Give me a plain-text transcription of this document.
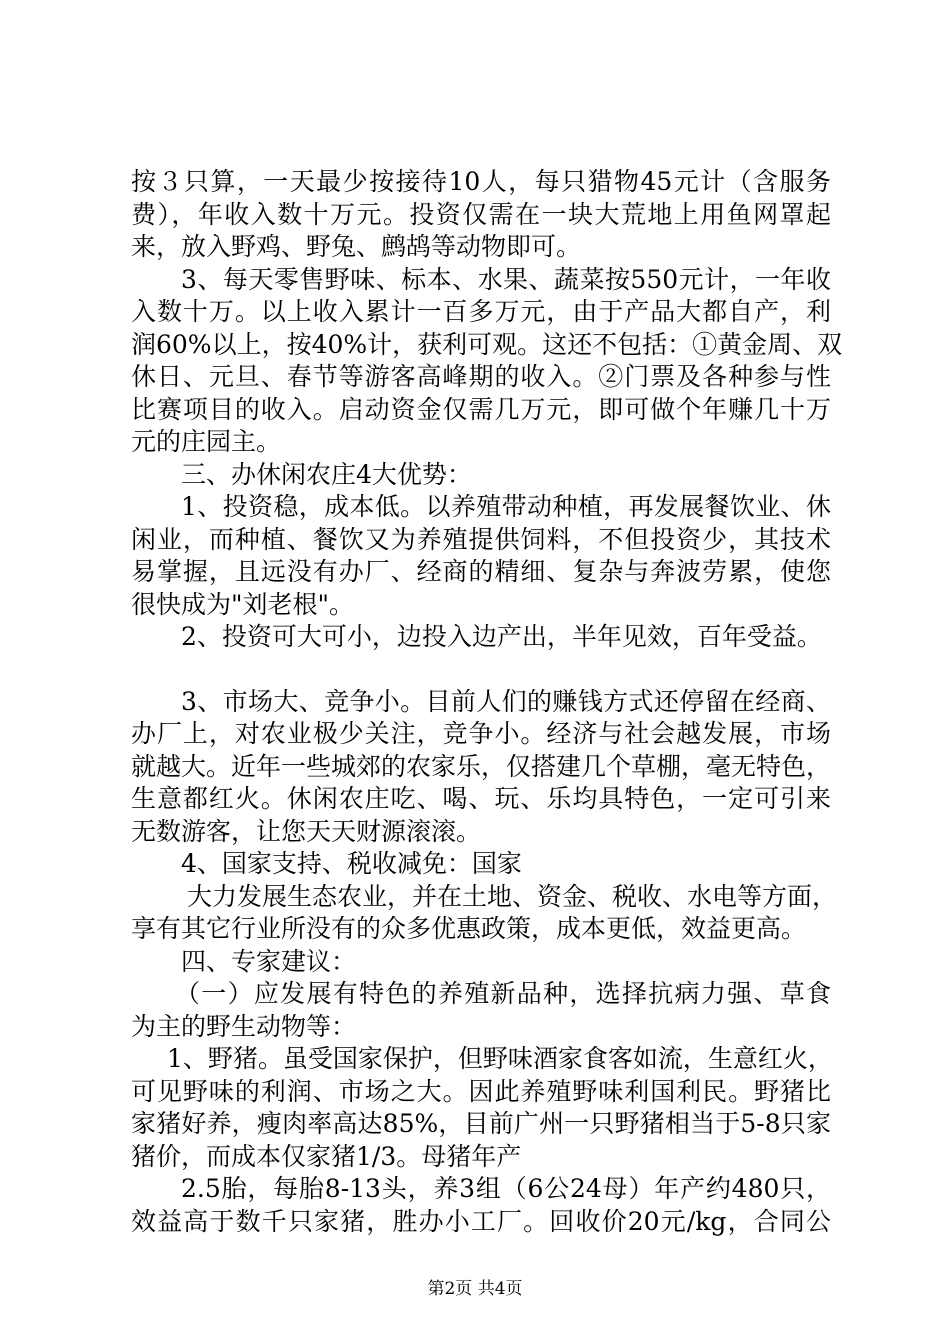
按３只算，一天最少按接待10人，每只猎物45元计（含服务
费），年收入数十万元。投资仅需在一块大荒地上用鱼网罩起
来，放入野鸡、野兔、鹧鸪等动物即可。
3、每天零售野味、标本、水果、蔬菜按550元计，一年收
入数十万。以上收入累计一百多万元，由于产品大都自产，利
润60%以上，按40%计，获利可观。这还不包括：①黄金周、双
休日、元旦、春节等游客高峰期的收入。②门票及各种参与性
比赛项目的收入。启动资金仅需几万元，即可做个年赚几十万
元的庄园主。
三、办休闲农庄4大优势：
1、投资稳，成本低。以养殖带动种植，再发展餐饮业、休
闲业，而种植、餐饮又为养殖提供饲料，不但投资少，其技术
易掌握，且远没有办厂、经商的精细、复杂与奔波劳累，使您
很快成为"刘老根"。
2、投资可大可小，边投入边产出，半年见效，百年受益。
3、市场大、竞争小。目前人们的赚钱方式还停留在经商、
办厂上，对农业极少关注，竞争小。经济与社会越发展，市场
就越大。近年一些城郊的农家乐，仅搭建几个草棚，毫无特色，
生意都红火。休闲农庄吃、喝、玩、乐均具特色，一定可引来
无数游客，让您天天财源滚滚。
4、国家支持、税收减免：国家
大力发展生态农业，并在土地、资金、税收、水电等方面，
享有其它行业所没有的众多优惠政策，成本更低，效益更高。
四、专家建议：
（一）应发展有特色的养殖新品种，选择抗病力强、草食
为主的野生动物等：
1、野猪。虽受国家保护，但野味酒家食客如流，生意红火，
可见野味的利润、市场之大。因此养殖野味利国利民。野猪比
家猪好养，瘦肉率高达85%，目前广州一只野猪相当于5-8只家
猪价，而成本仅家猪1/3。母猪年产
2.5胎，每胎8-13头，养3组（6公24母）年产约480只，
效益高于数千只家猪，胜办小工厂。回收价20元/kg，合同公
第2页 共4页
